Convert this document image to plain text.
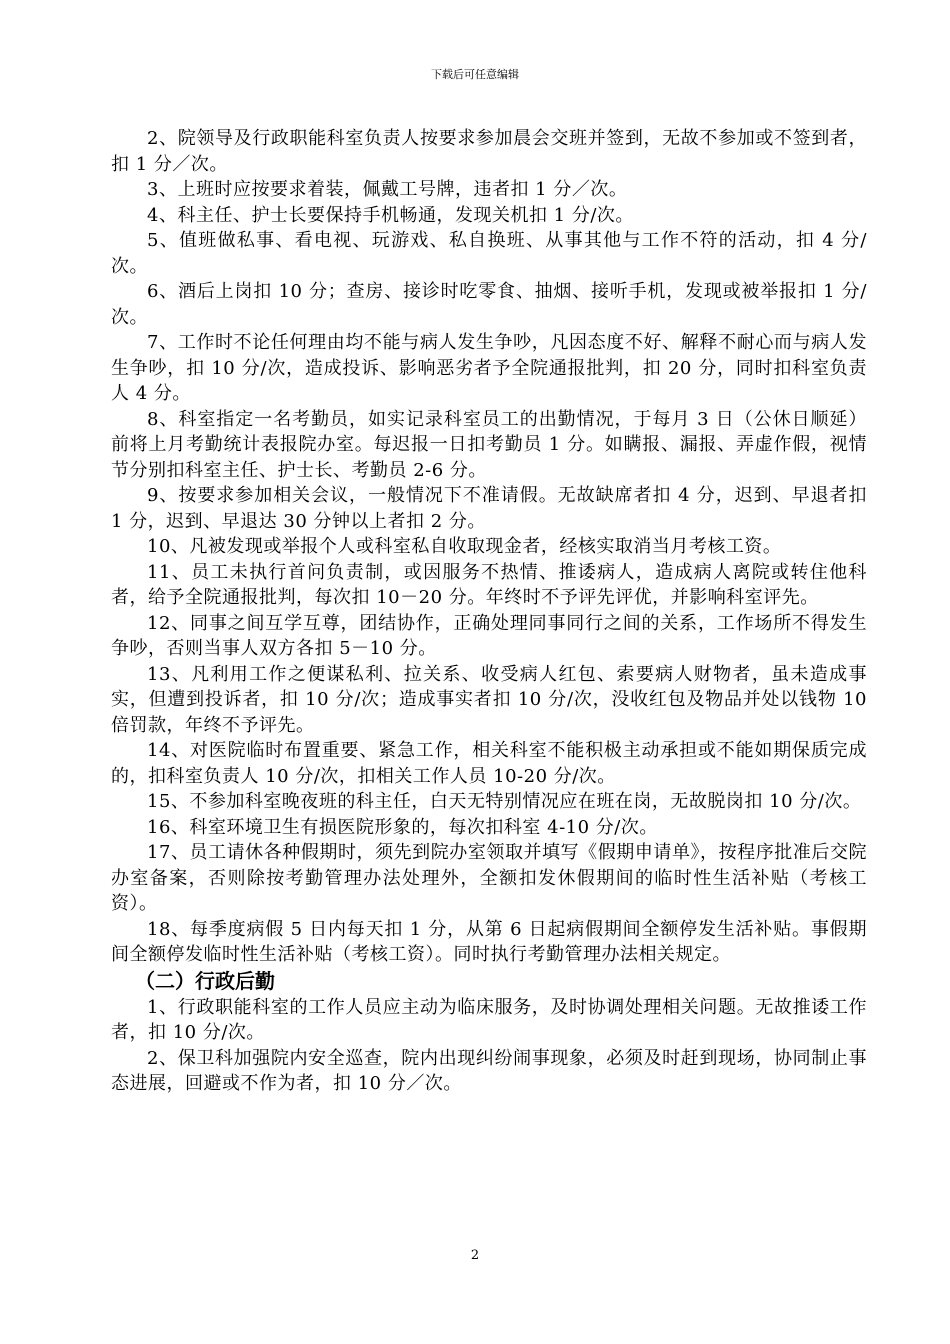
下载后可任意编辑

2、院领导及行政职能科室负责人按要求参加晨会交班并签到，无故不参加或不签到者，扣 1 分／次。

3、上班时应按要求着装，佩戴工号牌，违者扣 1 分／次。

4、科主任、护士长要保持手机畅通，发现关机扣 1 分/次。

5、值班做私事、看电视、玩游戏、私自换班、从事其他与工作不符的活动，扣 4 分/次。

6、酒后上岗扣 10 分；查房、接诊时吃零食、抽烟、接听手机，发现或被举报扣 1 分/次。

7、工作时不论任何理由均不能与病人发生争吵，凡因态度不好、解释不耐心而与病人发生争吵，扣 10 分/次，造成投诉、影响恶劣者予全院通报批判，扣 20 分，同时扣科室负责人 4 分。

8、科室指定一名考勤员，如实记录科室员工的出勤情况，于每月 3 日（公休日顺延）前将上月考勤统计表报院办室。每迟报一日扣考勤员 1 分。如瞒报、漏报、弄虚作假，视情节分别扣科室主任、护士长、考勤员 2-6 分。

9、按要求参加相关会议，一般情况下不准请假。无故缺席者扣 4 分，迟到、早退者扣 1 分，迟到、早退达 30 分钟以上者扣 2 分。

10、凡被发现或举报个人或科室私自收取现金者，经核实取消当月考核工资。

11、员工未执行首问负责制，或因服务不热情、推诿病人，造成病人离院或转住他科者，给予全院通报批判，每次扣 10－20 分。年终时不予评先评优，并影响科室评先。

12、同事之间互学互尊，团结协作，正确处理同事同行之间的关系，工作场所不得发生争吵，否则当事人双方各扣 5－10 分。

13、凡利用工作之便谋私利、拉关系、收受病人红包、索要病人财物者，虽未造成事实，但遭到投诉者，扣 10 分/次；造成事实者扣 10 分/次，没收红包及物品并处以钱物 10 倍罚款，年终不予评先。

14、对医院临时布置重要、紧急工作，相关科室不能积极主动承担或不能如期保质完成的，扣科室负责人 10 分/次，扣相关工作人员 10-20 分/次。

15、不参加科室晚夜班的科主任，白天无特别情况应在班在岗，无故脱岗扣 10 分/次。

16、科室环境卫生有损医院形象的，每次扣科室 4-10 分/次。

17、员工请休各种假期时，须先到院办室领取并填写《假期申请单》，按程序批准后交院办室备案，否则除按考勤管理办法处理外，全额扣发休假期间的临时性生活补贴（考核工资）。

18、每季度病假 5 日内每天扣 1 分，从第 6 日起病假期间全额停发生活补贴。事假期间全额停发临时性生活补贴（考核工资）。同时执行考勤管理办法相关规定。

（二）行政后勤

1、行政职能科室的工作人员应主动为临床服务，及时协调处理相关问题。无故推诿工作者，扣 10 分/次。

2、保卫科加强院内安全巡查，院内出现纠纷闹事现象，必须及时赶到现场，协同制止事态进展，回避或不作为者，扣 10 分／次。

2
